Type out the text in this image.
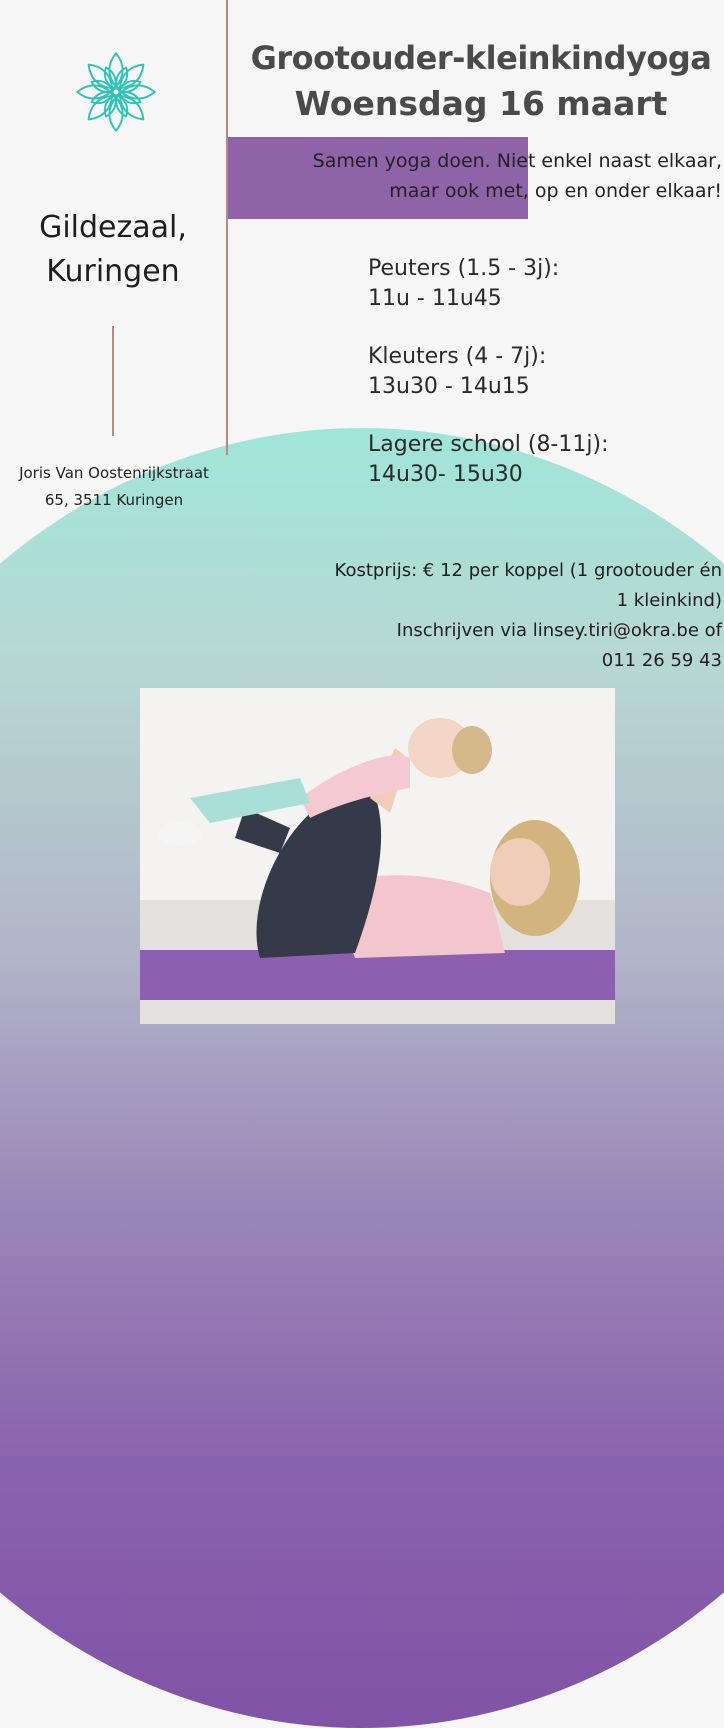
Grootouder-kleinkindyoga
Woensdag 16 maart
Samen yoga doen. Niet enkel naast elkaar,
maar ook met, op en onder elkaar!
Gildezaal,
Kuringen
Joris Van Oostenrijkstraat
65, 3511 Kuringen
Peuters (1.5 - 3j):
11u - 11u45
Kleuters (4 - 7j):
13u30 - 14u15
Lagere school (8-11j):
14u30- 15u30
Kostprijs: € 12 per koppel (1 grootouder én
1 kleinkind)
Inschrijven via linsey.tiri@okra.be of
011 26 59 43
